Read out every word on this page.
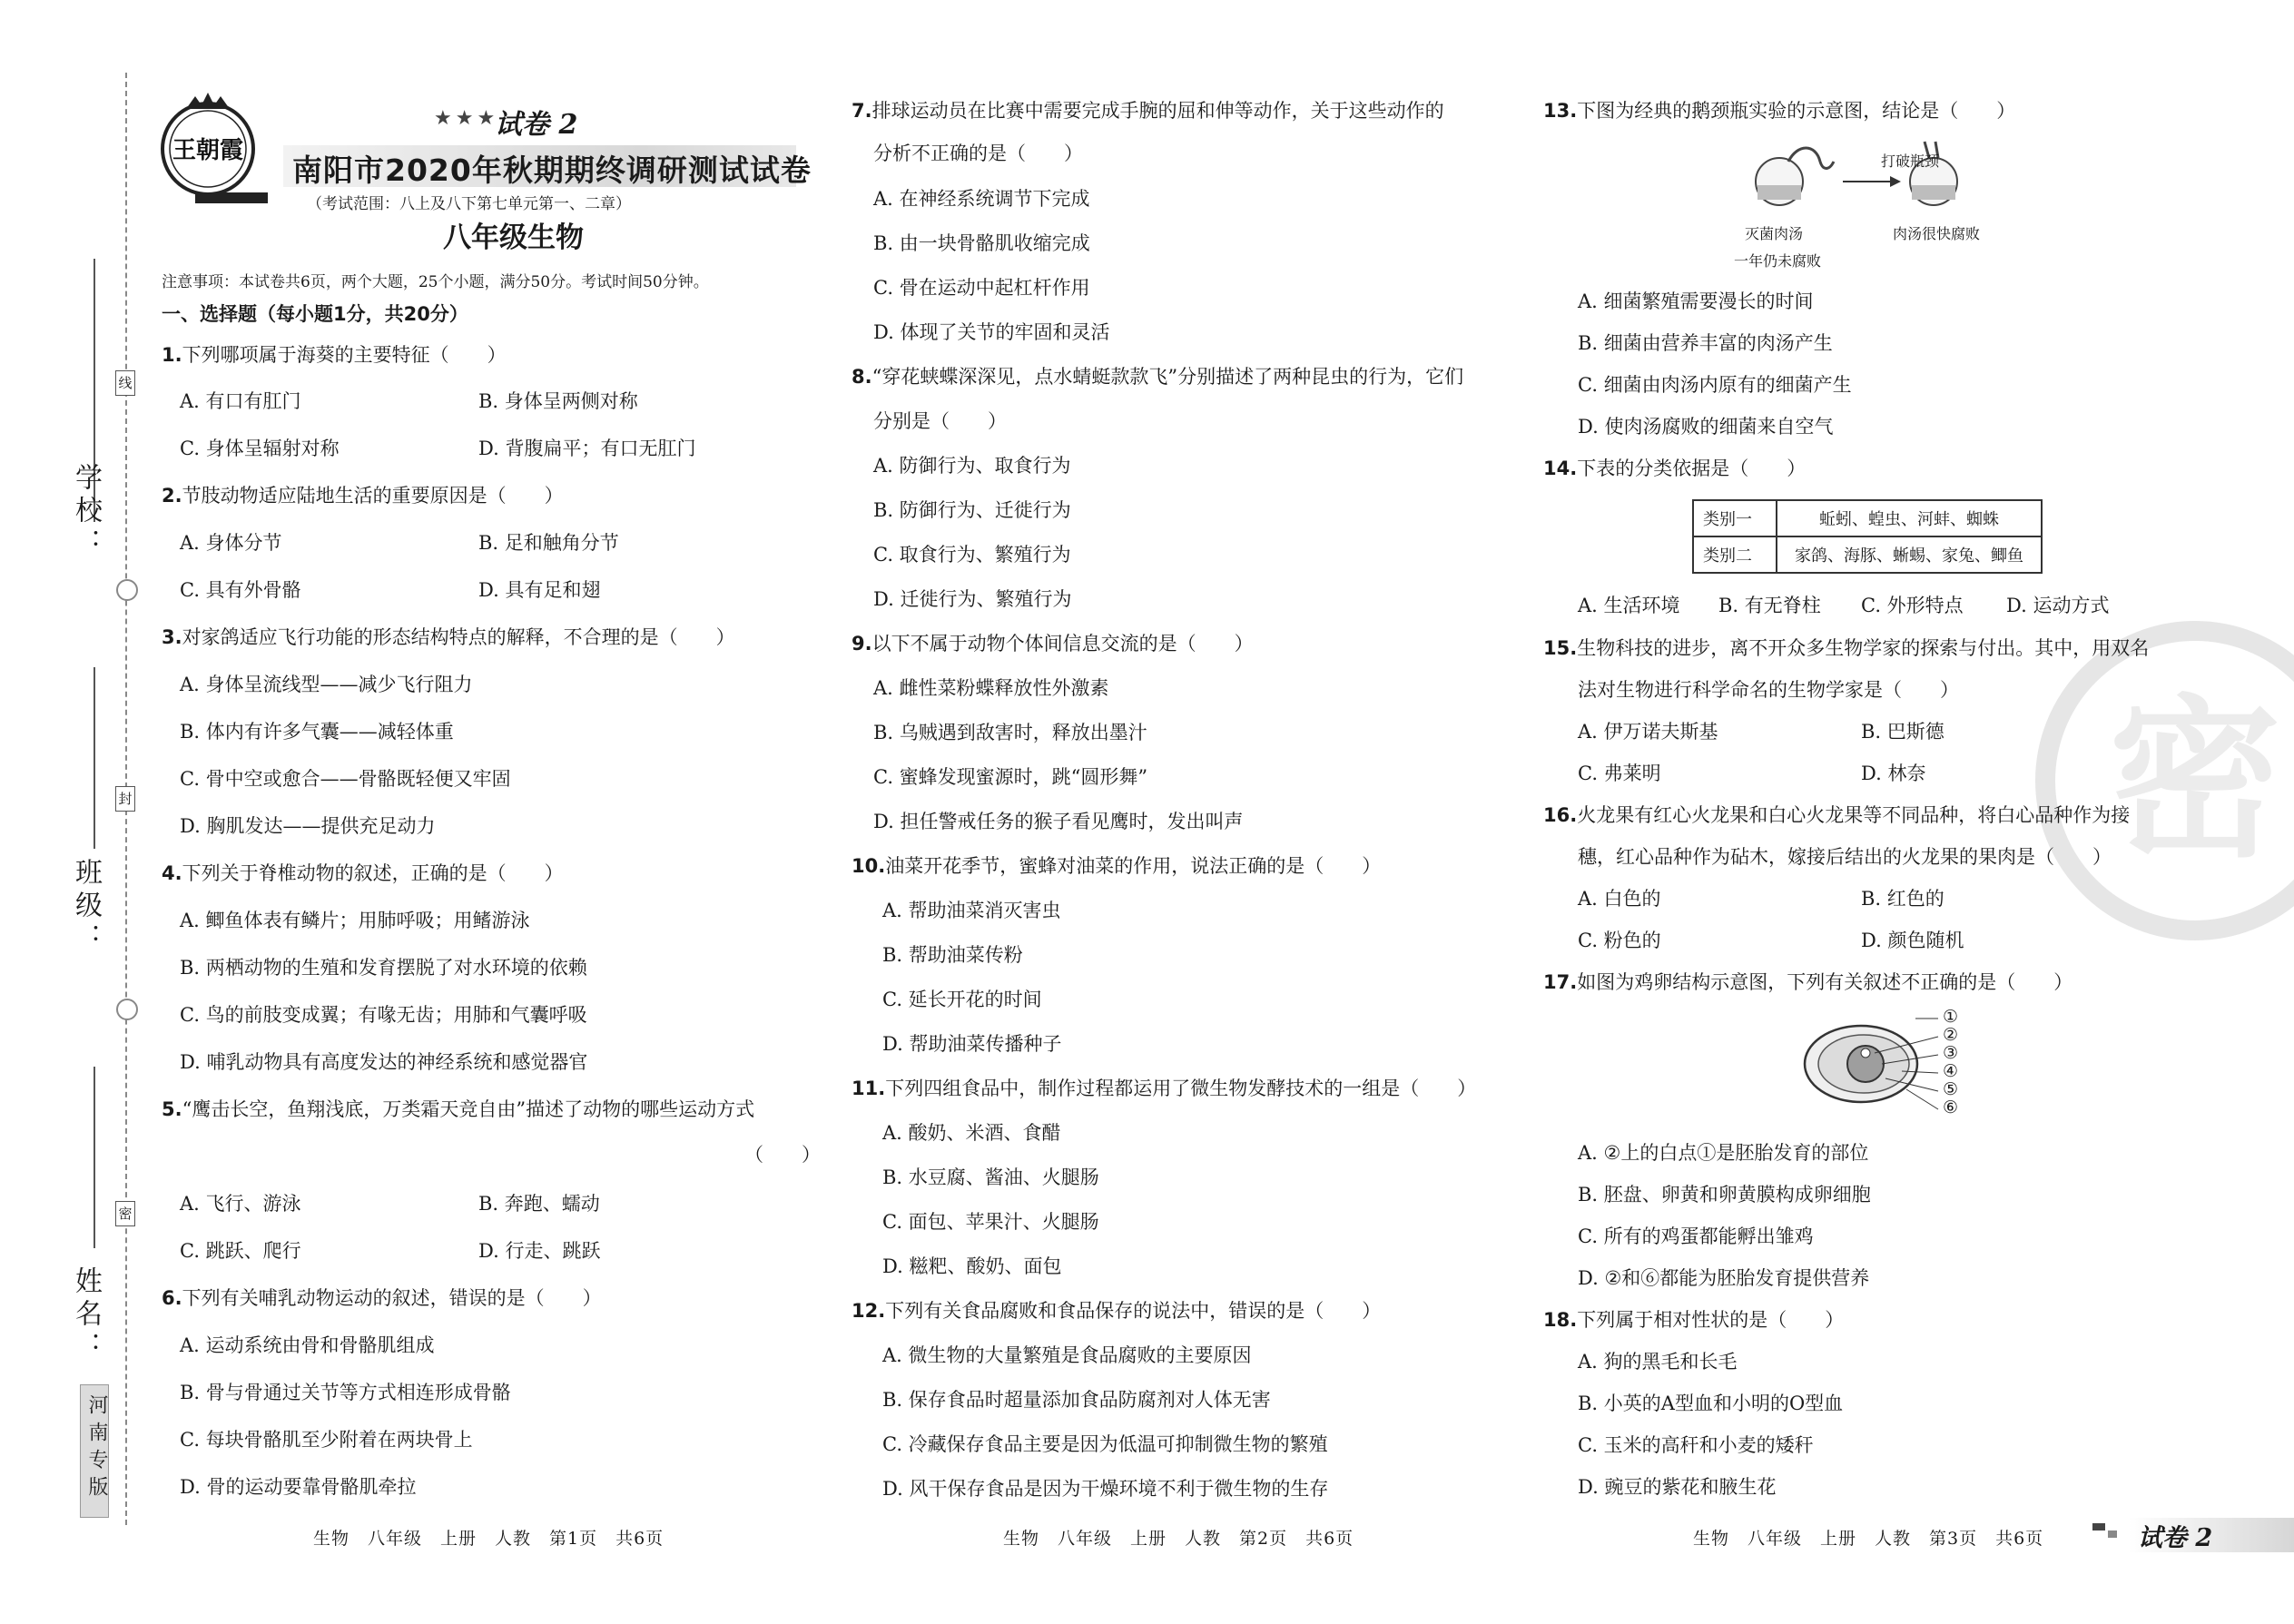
学校：
班级：
姓名：
线
封
密
河南专版
王朝霞
★★★
试卷 2
南阳市2020年秋期期终调研测试试卷
（考试范围：八上及八下第七单元第一、二章）
八年级生物
注意事项：本试卷共6页，两个大题，25个小题，满分50分。考试时间50分钟。
一、选择题（每小题1分，共20分）
1.下列哪项属于海葵的主要特征（　　）
A. 有口有肛门	B. 身体呈两侧对称
C. 身体呈辐射对称	D. 背腹扁平；有口无肛门
2.节肢动物适应陆地生活的重要原因是（　　）
A. 身体分节	B. 足和触角分节
C. 具有外骨骼	D. 具有足和翅
3.对家鸽适应飞行功能的形态结构特点的解释，不合理的是（　　）
A. 身体呈流线型——减少飞行阻力
B. 体内有许多气囊——减轻体重
C. 骨中空或愈合——骨骼既轻便又牢固
D. 胸肌发达——提供充足动力
4.下列关于脊椎动物的叙述，正确的是（　　）
A. 鲫鱼体表有鳞片；用肺呼吸；用鳍游泳
B. 两栖动物的生殖和发育摆脱了对水环境的依赖
C. 鸟的前肢变成翼；有喙无齿；用肺和气囊呼吸
D. 哺乳动物具有高度发达的神经系统和感觉器官
5.“鹰击长空，鱼翔浅底，万类霜天竞自由”描述了动物的哪些运动方式
（　　）
A. 飞行、游泳	B. 奔跑、蠕动
C. 跳跃、爬行	D. 行走、跳跃
6.下列有关哺乳动物运动的叙述，错误的是（　　）
A. 运动系统由骨和骨骼肌组成
B. 骨与骨通过关节等方式相连形成骨骼
C. 每块骨骼肌至少附着在两块骨上
D. 骨的运动要靠骨骼肌牵拉
生物　八年级　上册　人教　第1页　共6页
7.排球运动员在比赛中需要完成手腕的屈和伸等动作，关于这些动作的
分析不正确的是（　　）
A. 在神经系统调节下完成
B. 由一块骨骼肌收缩完成
C. 骨在运动中起杠杆作用
D. 体现了关节的牢固和灵活
8.“穿花蛱蝶深深见，点水蜻蜓款款飞”分别描述了两种昆虫的行为，它们
分别是（　　）
A. 防御行为、取食行为
B. 防御行为、迁徙行为
C. 取食行为、繁殖行为
D. 迁徙行为、繁殖行为
9.以下不属于动物个体间信息交流的是（　　）
A. 雌性菜粉蝶释放性外激素
B. 乌贼遇到敌害时，释放出墨汁
C. 蜜蜂发现蜜源时，跳“圆形舞”
D. 担任警戒任务的猴子看见鹰时，发出叫声
10.油菜开花季节，蜜蜂对油菜的作用，说法正确的是（　　）
A. 帮助油菜消灭害虫
B. 帮助油菜传粉
C. 延长开花的时间
D. 帮助油菜传播种子
11.下列四组食品中，制作过程都运用了微生物发酵技术的一组是（　　）
A. 酸奶、米酒、食醋
B. 水豆腐、酱油、火腿肠
C. 面包、苹果汁、火腿肠
D. 糍粑、酸奶、面包
12.下列有关食品腐败和食品保存的说法中，错误的是（　　）
A. 微生物的大量繁殖是食品腐败的主要原因
B. 保存食品时超量添加食品防腐剂对人体无害
C. 冷藏保存食品主要是因为低温可抑制微生物的繁殖
D. 风干保存食品是因为干燥环境不利于微生物的生存
生物　八年级　上册　人教　第2页　共6页
密
13.下图为经典的鹅颈瓶实验的示意图，结论是（　　）
打破瓶颈
灭菌肉汤	肉汤很快腐败
一年仍未腐败
A. 细菌繁殖需要漫长的时间
B. 细菌由营养丰富的肉汤产生
C. 细菌由肉汤内原有的细菌产生
D. 使肉汤腐败的细菌来自空气
14.下表的分类依据是（　　）
类别一	蚯蚓、蝗虫、河蚌、蜘蛛
类别二	家鸽、海豚、蜥蜴、家兔、鲫鱼
A. 生活环境 B. 有无脊柱 C. 外形特点 D. 运动方式
15.生物科技的进步，离不开众多生物学家的探索与付出。其中，用双名
法对生物进行科学命名的生物学家是（　　）
A. 伊万诺夫斯基	B. 巴斯德
C. 弗莱明	D. 林奈
16.火龙果有红心火龙果和白心火龙果等不同品种，将白心品种作为接
穗，红心品种作为砧木，嫁接后结出的火龙果的果肉是（　　）
A. 白色的	B. 红色的
C. 粉色的	D. 颜色随机
17.如图为鸡卵结构示意图，下列有关叙述不正确的是（　　）
①
②
③
④
⑤
⑥
A. ②上的白点①是胚胎发育的部位
B. 胚盘、卵黄和卵黄膜构成卵细胞
C. 所有的鸡蛋都能孵出雏鸡
D. ②和⑥都能为胚胎发育提供营养
18.下列属于相对性状的是（　　）
A. 狗的黑毛和长毛
B. 小英的A型血和小明的O型血
C. 玉米的高秆和小麦的矮秆
D. 豌豆的紫花和腋生花
生物　八年级　上册　人教　第3页　共6页	试卷 2
